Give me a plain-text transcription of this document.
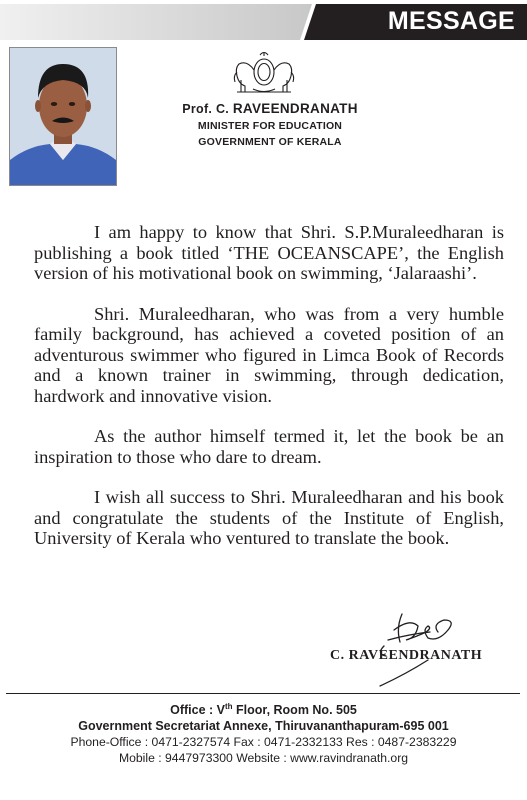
MESSAGE
Prof. C. RAVEENDRANATH
MINISTER FOR EDUCATION
GOVERNMENT OF KERALA

I am happy to know that Shri. S.P.Muraleedharan is publishing a book titled ‘THE OCEANSCAPE’, the English version of his motivational book on swimming, ‘Jalaraashi’.

Shri. Muraleedharan, who was from a very humble family background, has achieved a coveted position of an adventurous swimmer who figured in Limca Book of Records and a known trainer in swimming, through dedication, hardwork and innovative vision.

As the author himself termed it, let the book be an inspiration to those who dare to dream.

I wish all success to Shri. Muraleedharan and his book and congratulate the students of the Institute of English, University of Kerala who ventured to translate the book.

C. RAVEENDRANATH
Office : Vth Floor, Room No. 505
Government Secretariat Annexe, Thiruvananthapuram-695 001
Phone-Office : 0471-2327574 Fax : 0471-2332133 Res : 0487-2383229
Mobile : 9447973300 Website : www.ravindranath.org
